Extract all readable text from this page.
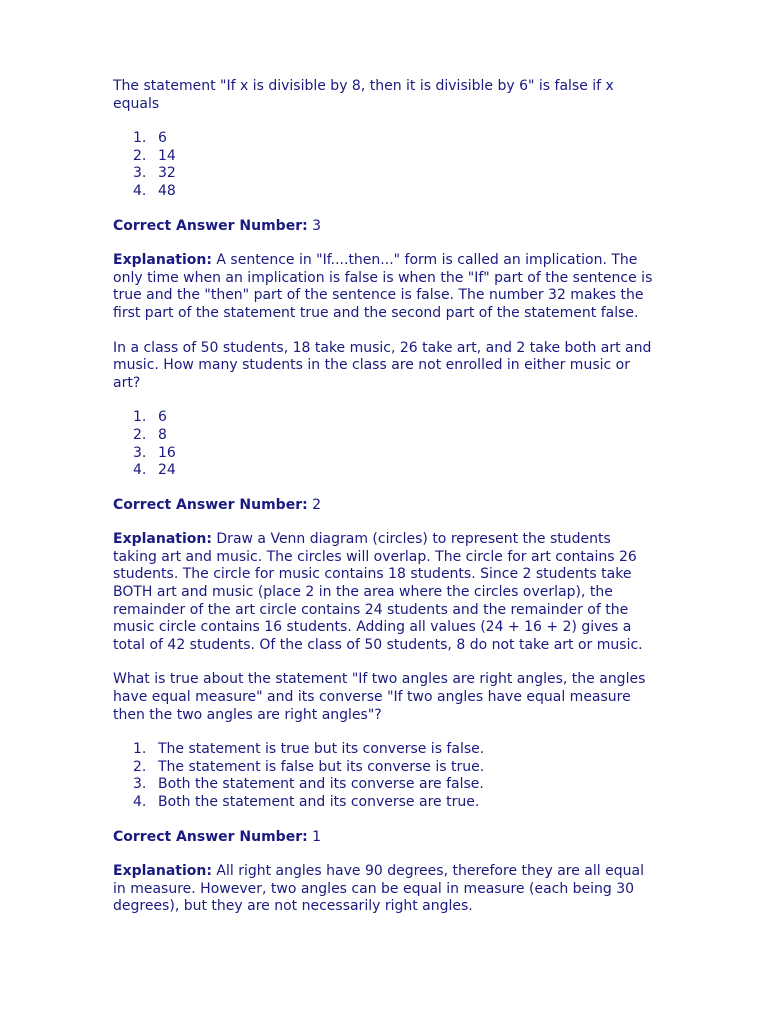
The statement "If x is divisible by 8, then it is divisible by 6" is false if x equals

1. 6
2. 14
3. 32
4. 48

Correct Answer Number: 3

Explanation: A sentence in "If....then..." form is called an implication. The only time when an implication is false is when the "If" part of the sentence is true and the "then" part of the sentence is false. The number 32 makes the first part of the statement true and the second part of the statement false.

In a class of 50 students, 18 take music, 26 take art, and 2 take both art and music. How many students in the class are not enrolled in either music or art?

1. 6
2. 8
3. 16
4. 24

Correct Answer Number: 2

Explanation: Draw a Venn diagram (circles) to represent the students taking art and music. The circles will overlap. The circle for art contains 26 students. The circle for music contains 18 students. Since 2 students take BOTH art and music (place 2 in the area where the circles overlap), the remainder of the art circle contains 24 students and the remainder of the music circle contains 16 students. Adding all values (24 + 16 + 2) gives a total of 42 students. Of the class of 50 students, 8 do not take art or music.

What is true about the statement "If two angles are right angles, the angles have equal measure" and its converse "If two angles have equal measure then the two angles are right angles"?

1. The statement is true but its converse is false.
2. The statement is false but its converse is true.
3. Both the statement and its converse are false.
4. Both the statement and its converse are true.

Correct Answer Number: 1

Explanation: All right angles have 90 degrees, therefore they are all equal in measure. However, two angles can be equal in measure (each being 30 degrees), but they are not necessarily right angles.
